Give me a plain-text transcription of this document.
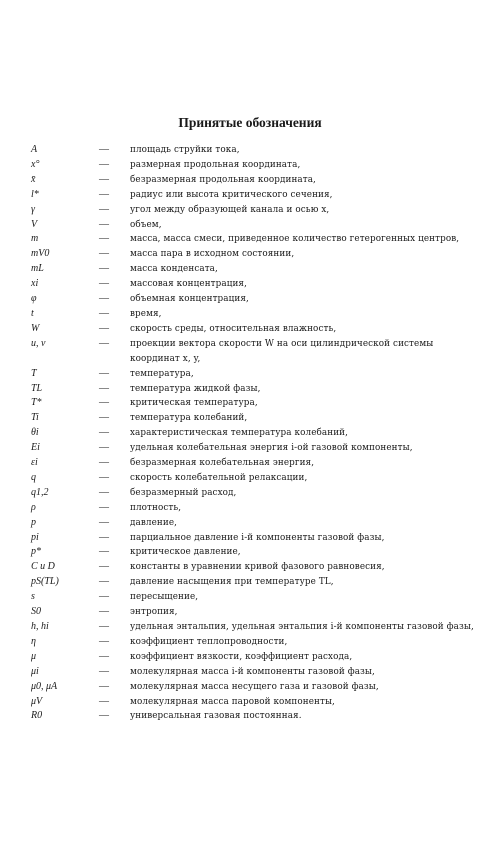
Принятые обозначения
A	— площадь струйки тока,
x°	— размерная продольная координата,
x̄	— безразмерная продольная координата,
l*	— радиус или высота критического сечения,
γ	— угол между образующей канала и осью x,
V	— объем,
m	— масса, масса смеси, приведенное количество гетерогенных центров,
mV0	— масса пара в исходном состоянии,
mL	— масса конденсата,
xi	— массовая концентрация,
φ	— объемная концентрация,
t	— время,
W	— скорость среды, относительная влажность,
u, ν	— проекции вектора скорости W на оси цилиндрической системы координат x, y,
T	— температура,
TL	— температура жидкой фазы,
T*	— критическая температура,
Ti	— температура колебаний,
θi	— характеристическая температура колебаний,
Ei	— удельная колебательная энергия i-ой газовой компоненты,
εi	— безразмерная колебательная энергия,
q	— скорость колебательной релаксации,
q1,2	— безразмерный расход,
ρ	— плотность,
p	— давление,
pi	— парциальное давление i-й компоненты газовой фазы,
p*	— критическое давление,
C и D	— константы в уравнении кривой фазового равновесия,
pS(TL)	— давление насыщения при температуре TL,
s	— пересыщение,
S0	— энтропия,
h, hi	— удельная энтальпия, удельная энтальпия i-й компоненты газовой фазы,
η	— коэффициент теплопроводности,
μ	— коэффициент вязкости, коэффициент расхода,
μi	— молекулярная масса i-й компоненты газовой фазы,
μ0, μA	— молекулярная масса несущего газа и газовой фазы,
μV	— молекулярная масса паровой компоненты,
R0	— универсальная газовая постоянная.
